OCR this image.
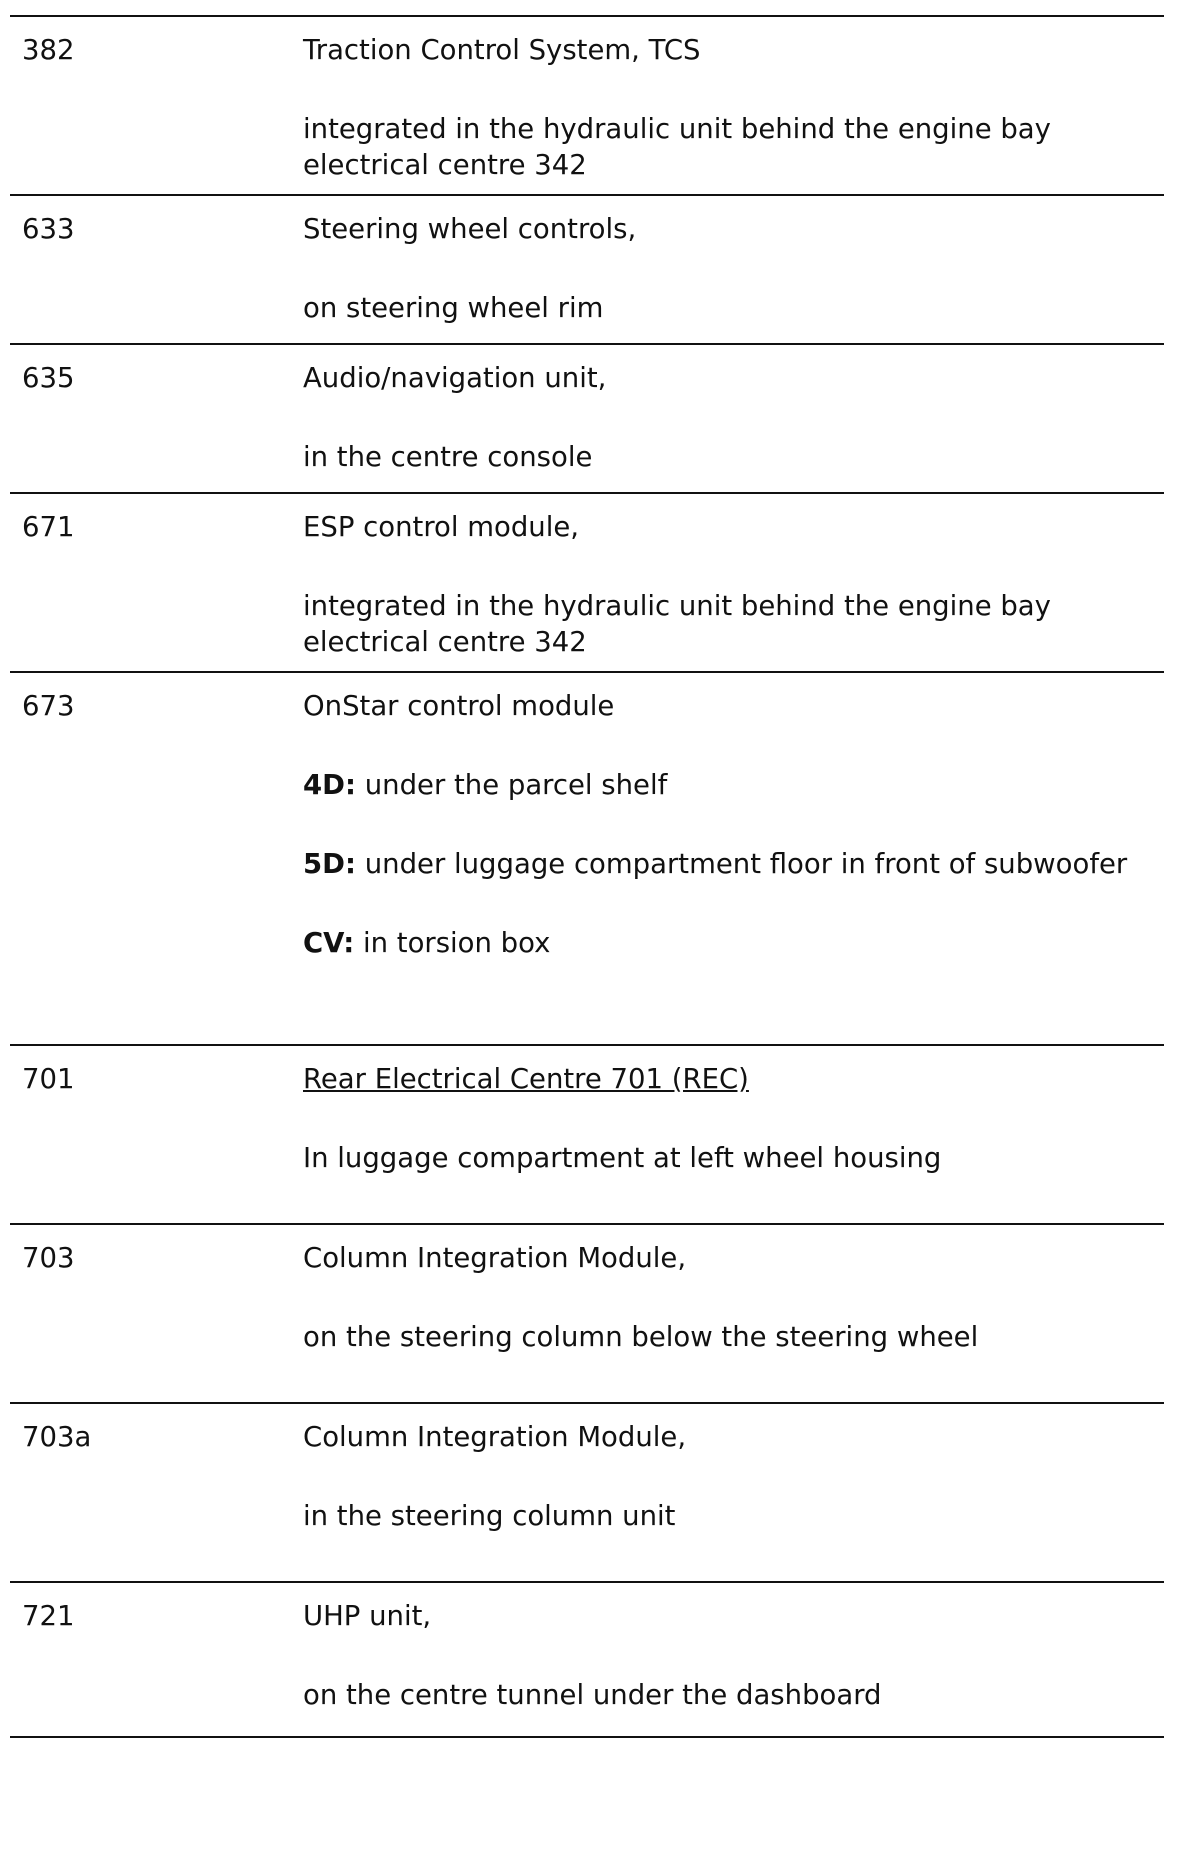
382	Traction Control System, TCS
integrated in the hydraulic unit behind the engine bay electrical centre 342
633	Steering wheel controls,
on steering wheel rim
635	Audio/navigation unit,
in the centre console
671	ESP control module,
integrated in the hydraulic unit behind the engine bay electrical centre 342
673	OnStar control module
4D: under the parcel shelf
5D: under luggage compartment floor in front of subwoofer
CV: in torsion box
701	Rear Electrical Centre 701 (REC)
In luggage compartment at left wheel housing
703	Column Integration Module,
on the steering column below the steering wheel
703a	Column Integration Module,
in the steering column unit
721	UHP unit,
on the centre tunnel under the dashboard
